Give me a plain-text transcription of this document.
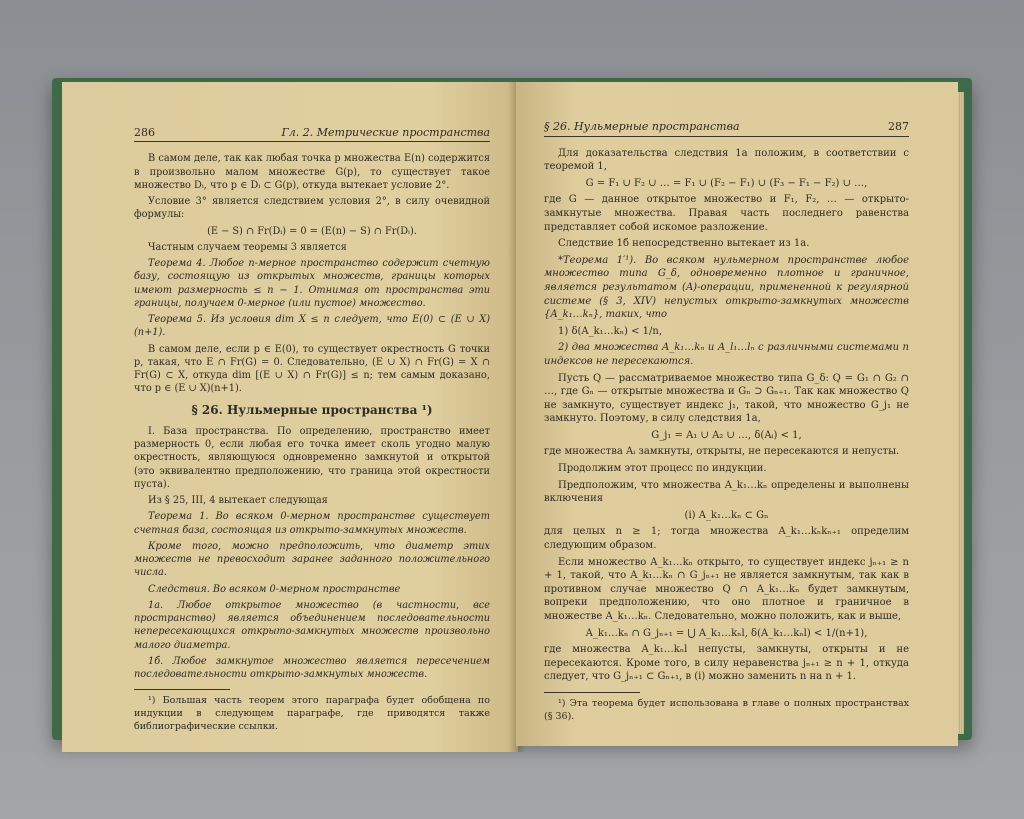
286	Гл. 2. Метрические пространства

В самом деле, так как любая точка p множества E(n) содержится в произвольно малом множестве G(p), то существует такое множество Dᵢ, что p ∈ Dᵢ ⊂ G(p), откуда вытекает условие 2°.

Условие 3° является следствием условия 2°, в силу очевидной формулы:

(E − S) ∩ Fr(Dᵢ) = 0 = (E(n) − S) ∩ Fr(Dᵢ).

Частным случаем теоремы 3 является

Теорема 4. Любое n-мерное пространство содержит счетную базу, состоящую из открытых множеств, границы которых имеют размерность ≤ n − 1. Отнимая от пространства эти границы, получаем 0-мерное (или пустое) множество.

Теорема 5. Из условия dim X ≤ n следует, что E(0) ⊂ (E ∪ X)(n+1).

В самом деле, если p ∈ E(0), то существует окрестность G точки p, такая, что E ∩ Fr(G) = 0. Следовательно, (E ∪ X) ∩ Fr(G) = X ∩ Fr(G) ⊂ X, откуда dim [(E ∪ X) ∩ Fr(G)] ≤ n; тем самым доказано, что p ∈ (E ∪ X)(n+1).

§ 26. Нульмерные пространства ¹)

I. База пространства. По определению, пространство имеет размерность 0, если любая его точка имеет сколь угодно малую окрестность, являющуюся одновременно замкнутой и открытой (это эквивалентно предположению, что граница этой окрестности пуста).

Из § 25, III, 4 вытекает следующая

Теорема 1. Во всяком 0-мерном пространстве существует счетная база, состоящая из открыто-замкнутых множеств.

Кроме того, можно предположить, что диаметр этих множеств не превосходит заранее заданного положительного числа.

Следствия. Во всяком 0-мерном пространстве

1а. Любое открытое множество (в частности, все пространство) является объединением последовательности непересекающихся открыто-замкнутых множеств произвольно малого диаметра.

1б. Любое замкнутое множество является пересечением последовательности открыто-замкнутых множеств.

¹) Большая часть теорем этого параграфа будет обобщена по индукции в следующем параграфе, где приводятся также библиографические ссылки.

§ 26. Нульмерные пространства	287

Для доказательства следствия 1а положим, в соответствии с теоремой 1,

G = F₁ ∪ F₂ ∪ … = F₁ ∪ (F₂ − F₁) ∪ (F₃ − F₁ − F₂) ∪ …,

где G — данное открытое множество и F₁, F₂, … — открыто-замкнутые множества. Правая часть последнего равенства представляет собой искомое разложение.

Следствие 1б непосредственно вытекает из 1а.

*Теорема 1′¹). Во всяком нульмерном пространстве любое множество типа G_δ, одновременно плотное и граничное, является результатом (A)-операции, примененной к регулярной системе (§ 3, XIV) непустых открыто-замкнутых множеств {A_k₁…kₙ}, таких, что

1) δ(A_k₁…kₙ) < 1/n,

2) два множества A_k₁…kₙ и A_l₁…lₙ с различными системами n индексов не пересекаются.

Пусть Q — рассматриваемое множество типа G_δ: Q = G₁ ∩ G₂ ∩ …, где Gₙ — открытые множества и Gₙ ⊃ Gₙ₊₁. Так как множество Q не замкнуто, существует индекс j₁, такой, что множество G_j₁ не замкнуто. Поэтому, в силу следствия 1а,

G_j₁ = A₁ ∪ A₂ ∪ …, δ(Aᵢ) < 1,

где множества Aᵢ замкнуты, открыты, не пересекаются и непусты.

Продолжим этот процесс по индукции.

Предположим, что множества A_k₁…kₙ определены и выполнены включения

(i) A_k₁…kₙ ⊂ Gₙ

для целых n ≥ 1; тогда множества A_k₁…kₙkₙ₊₁ определим следующим образом.

Если множество A_k₁…kₙ открыто, то существует индекс jₙ₊₁ ≥ n + 1, такой, что A_k₁…kₙ ∩ G_jₙ₊₁ не является замкнутым, так как в противном случае множество Q ∩ A_k₁…kₙ будет замкнутым, вопреки предположению, что оно плотное и граничное в множестве A_k₁…kₙ. Следовательно, можно положить, как и выше,

A_k₁…kₙ ∩ G_jₙ₊₁ = ⋃ A_k₁…kₙl, δ(A_k₁…kₙl) < 1/(n+1),

где множества A_k₁…kₙl непусты, замкнуты, открыты и не пересекаются. Кроме того, в силу неравенства jₙ₊₁ ≥ n + 1, откуда следует, что G_jₙ₊₁ ⊂ Gₙ₊₁, в (i) можно заменить n на n + 1.

¹) Эта теорема будет использована в главе о полных пространствах (§ 36).
